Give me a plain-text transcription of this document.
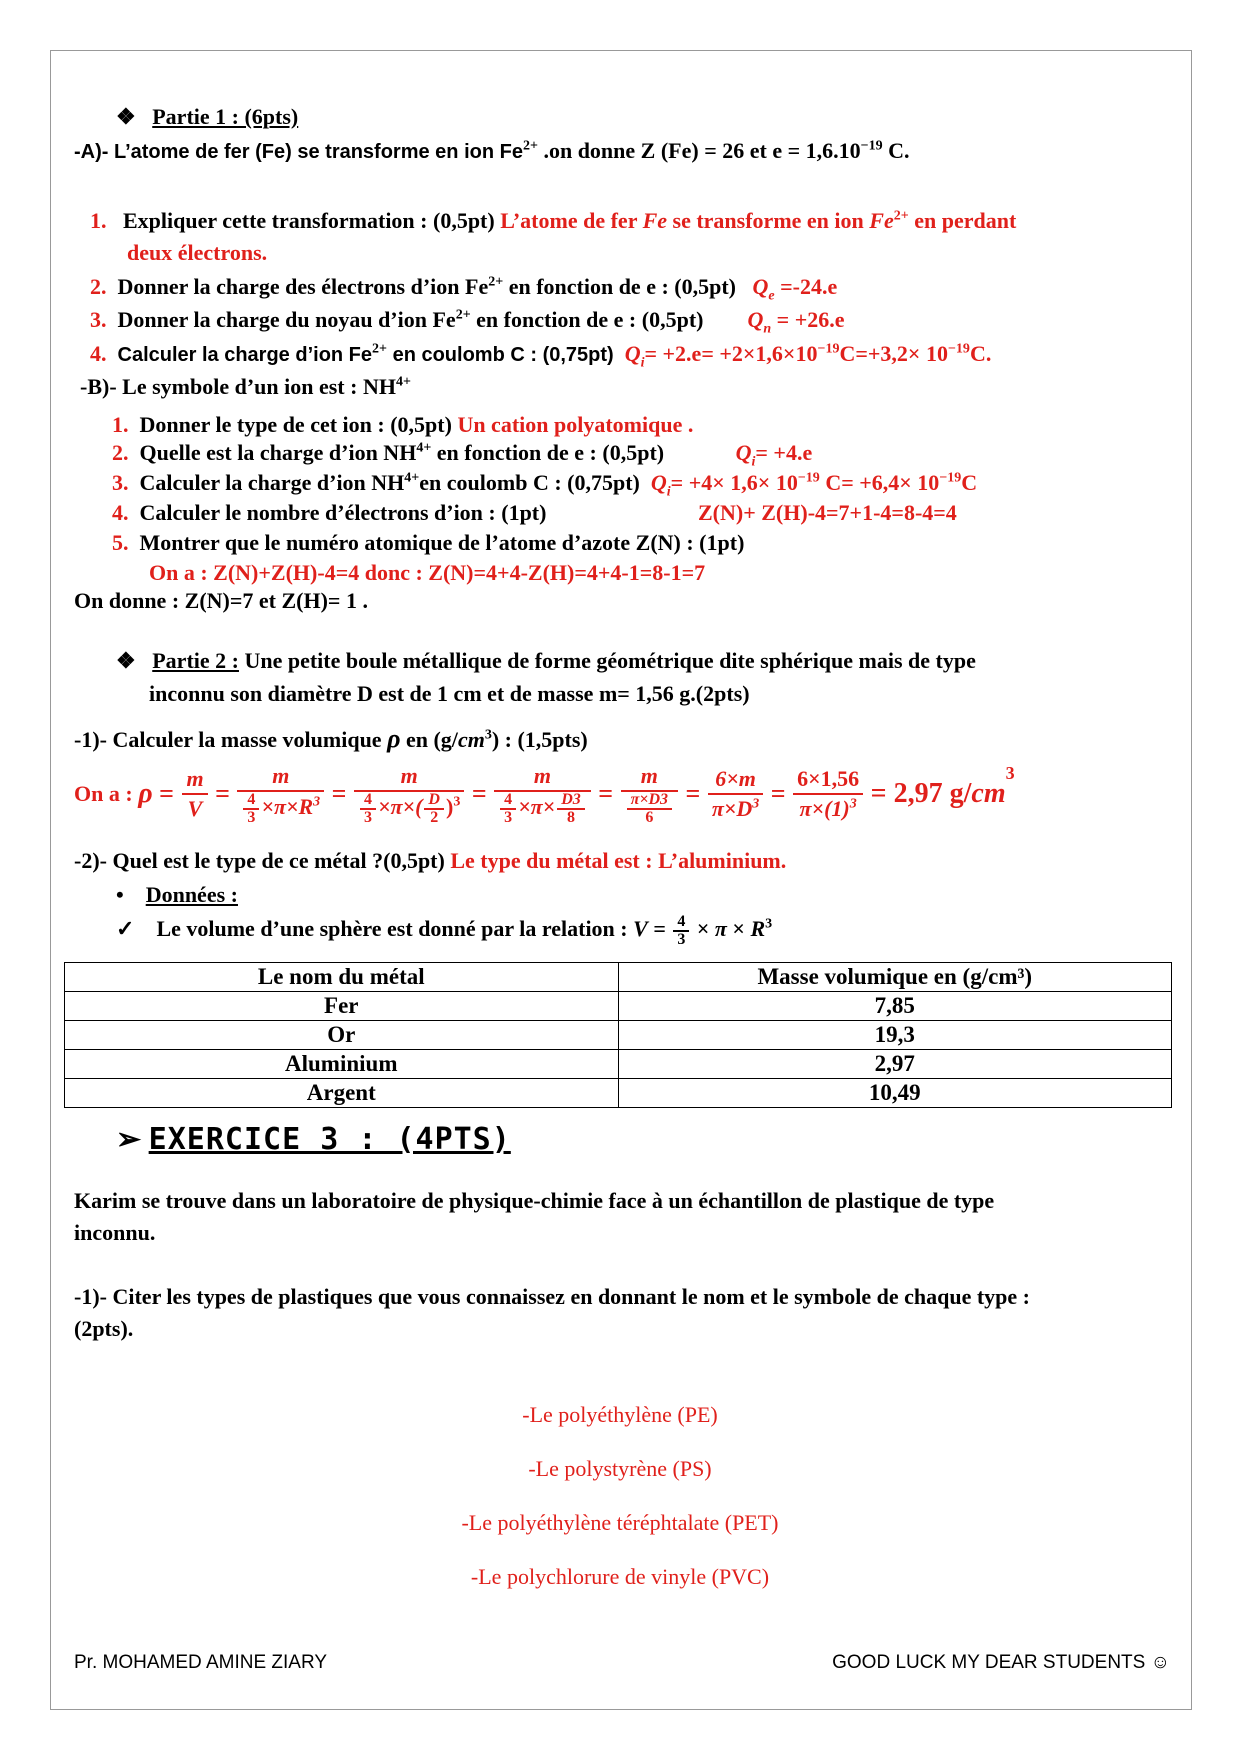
❖ Partie 1 : (6pts)
-A)- L’atome de fer (Fe) se transforme en ion $Fe^{2+}$ .on donne Z (Fe) = 26 et $e = 1,6.10^{-19}$ C.
1. Expliquer cette transformation : (0,5pt) L’atome de fer Fe se transforme en ion $Fe^{2+}$ en perdant
deux électrons.
2. Donner la charge des électrons d’ion $Fe^{2+}$ en fonction de e : (0,5pt) $Q_e =-24.e$
3. Donner la charge du noyau d’ion $Fe^{2+}$ en fonction de e : (0,5pt) $Q_n = +26.e$
4. Calculer la charge d’ion $Fe^{2+}$ en coulomb C : (0,75pt) $Q_i= +2.e= +2\times 1,6\times 10^{-19}C=+3,2\times 10^{-19}C$.
-B)- Le symbole d’un ion est : $NH^{4+}$
1. Donner le type de cet ion : (0,5pt) Un cation polyatomique .
2. Quelle est la charge d’ion $NH^{4+}$ en fonction de e : (0,5pt)	$Q_i= +4.e$
3. Calculer la charge d’ion $NH^{4+}en$ coulomb C : (0,75pt) $Q_i= +4\times 1,6\times 10^{-19}$ $C= +6,4\times 10^{-19}C$
4. Calculer le nombre d’électrons d’ion : (1pt)	Z(N)+ Z(H)-4=7+1-4=8-4=4
5. Montrer que le numéro atomique de l’atome d’azote Z(N) : (1pt)
On a : Z(N)+Z(H)-4=4 donc : Z(N)=4+4-Z(H)=4+4-1=8-1=7
On donne : Z(N)=7 et Z(H)= 1 .
❖ Partie 2 : Une petite boule métallique de forme géométrique dite sphérique mais de type
inconnu son diamètre D est de 1 cm et de masse m= 1,56 g.(2pts)
-1)- Calculer la masse volumique ρ en $(g/cm^3)$ : (1,5pts)
On a : $\rho = \frac{m}{V} = \frac{m}{\frac{4}{3} \times\pi\times R^3} = \frac{m}{\frac{4}{3} \times\pi\times( \frac{D}{2} )^3} = \frac{m}{\frac{4}{3} \times\pi\times \frac{D3}{8}} = \frac{m}{\frac{\pi\times D3}{6}} = \frac{6\times m}{\pi\times D^3} = \frac{6\times 1,56}{\pi\times(1)^3} = 2,97$ $g/cm^3$
-2)- Quel est le type de ce métal ?(0,5pt) Le type du métal est : L’aluminium.
• Données :
✓ Le volume d’une sphère est donné par la relation : $V = \frac{4}{3} \times \pi \times R^3$
Le nom du métal	Masse volumique en (g/cm³)
Fer	7,85
Or	19,3
Aluminium	2,97
Argent	10,49
➢ EXERCICE 3 : (4PTS)
Karim se trouve dans un laboratoire de physique-chimie face à un échantillon de plastique de type
inconnu.
-1)- Citer les types de plastiques que vous connaissez en donnant le nom et le symbole de chaque type :
(2pts).
-Le polyéthylène (PE)
-Le polystyrène (PS)
-Le polyéthylène téréphtalate (PET)
-Le polychlorure de vinyle (PVC)
Pr. MOHAMED AMINE ZIARY	GOOD LUCK MY DEAR STUDENTS ☺
